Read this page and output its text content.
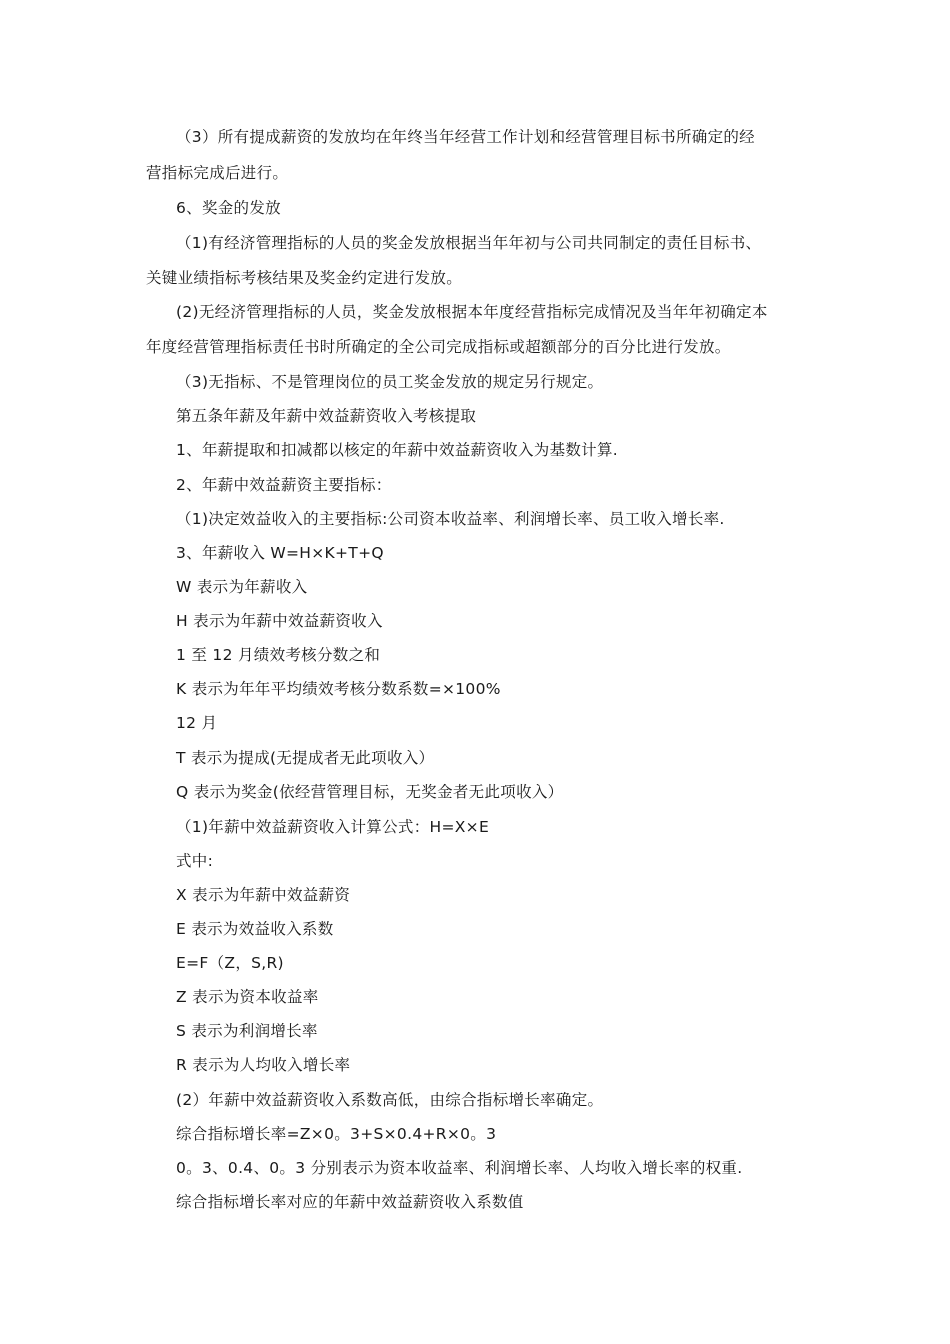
（3）所有提成薪资的发放均在年终当年经营工作计划和经营管理目标书所确定的经
营指标完成后进行。
6、奖金的发放
（1)有经济管理指标的人员的奖金发放根据当年年初与公司共同制定的责任目标书、
关键业绩指标考核结果及奖金约定进行发放。
(2)无经济管理指标的人员，奖金发放根据本年度经营指标完成情况及当年年初确定本
年度经营管理指标责任书时所确定的全公司完成指标或超额部分的百分比进行发放。
（3)无指标、不是管理岗位的员工奖金发放的规定另行规定。
第五条年薪及年薪中效益薪资收入考核提取
1、年薪提取和扣减都以核定的年薪中效益薪资收入为基数计算.
2、年薪中效益薪资主要指标：
（1)决定效益收入的主要指标:公司资本收益率、利润增长率、员工收入增长率.
3、年薪收入 W=H×K+T+Q
W 表示为年薪收入
H 表示为年薪中效益薪资收入
1 至 12 月绩效考核分数之和
K 表示为年年平均绩效考核分数系数=×100%
12 月
T 表示为提成(无提成者无此项收入）
Q 表示为奖金(依经营管理目标，无奖金者无此项收入）
（1)年薪中效益薪资收入计算公式：H=X×E
式中:
X 表示为年薪中效益薪资
E 表示为效益收入系数
E=F（Z，S,R)
Z 表示为资本收益率
S 表示为利润增长率
R 表示为人均收入增长率
(2）年薪中效益薪资收入系数高低，由综合指标增长率确定。
综合指标增长率=Z×0。3+S×0.4+R×0。3
0。3、0.4、0。3 分别表示为资本收益率、利润增长率、人均收入增长率的权重.
综合指标增长率对应的年薪中效益薪资收入系数值
